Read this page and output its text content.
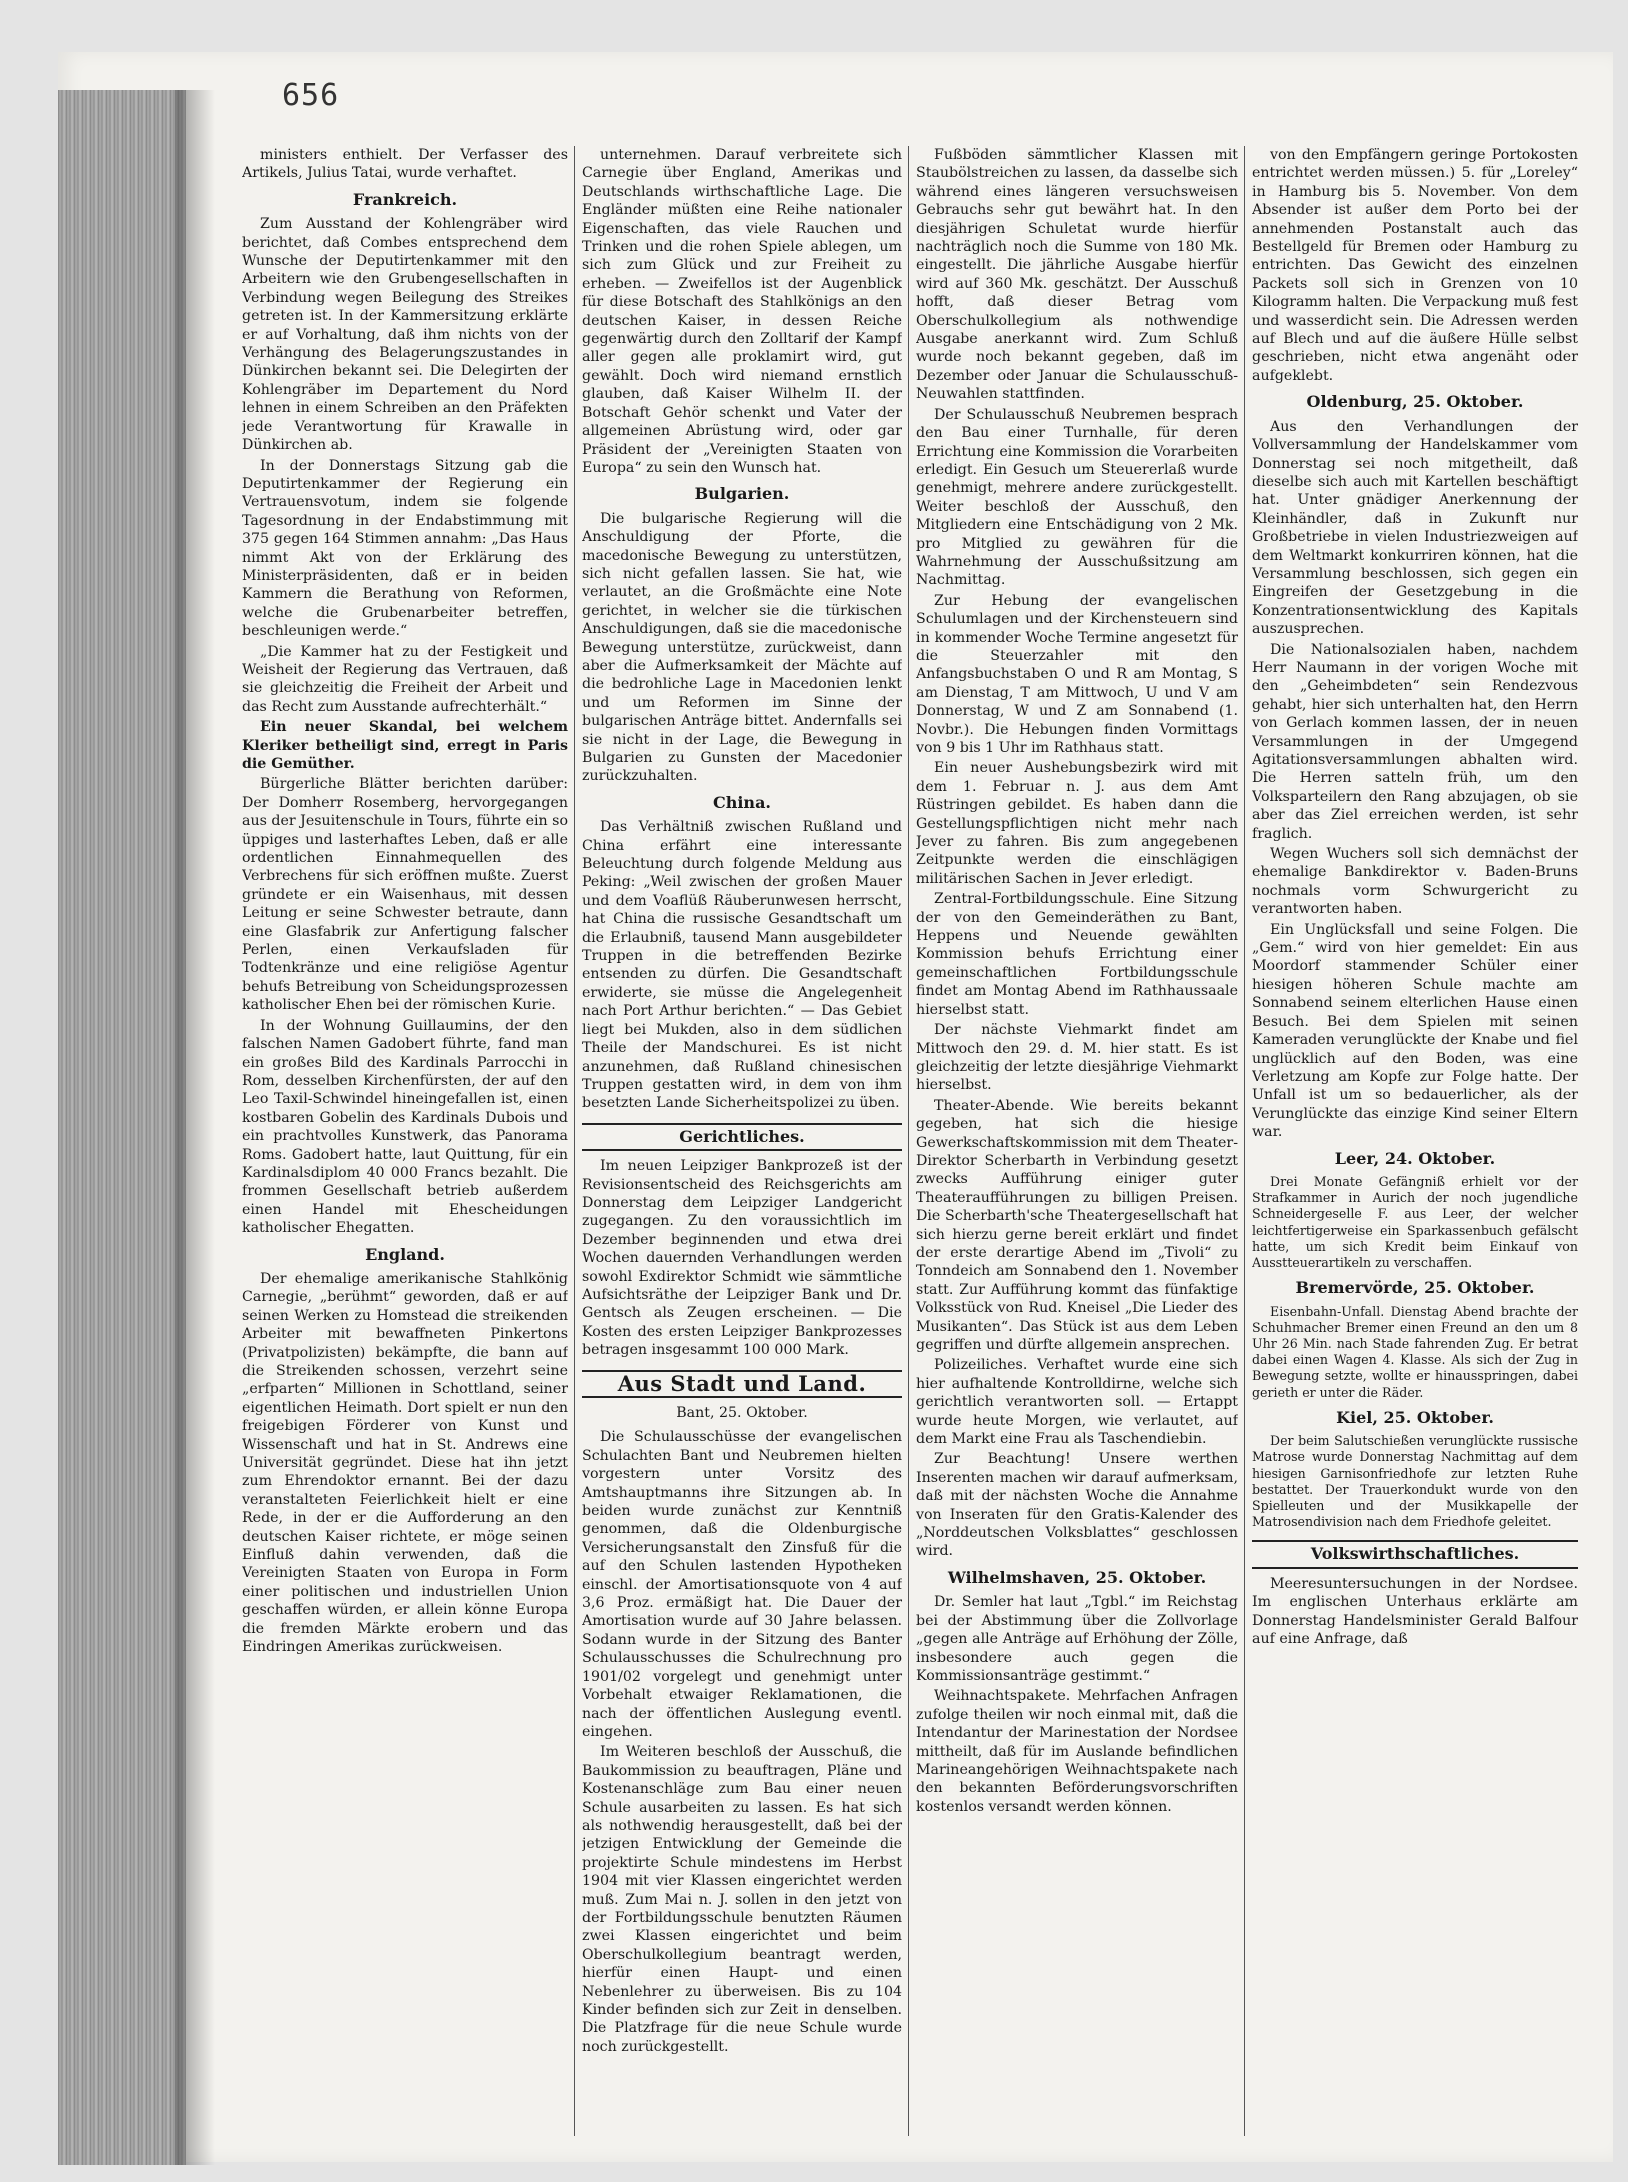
656

ministers enthielt. Der Verfasser des Artikels, Julius Tatai, wurde verhaftet.

Frankreich.

Zum Ausstand der Kohlengräber wird berichtet, daß Combes entsprechend dem Wunsche der Deputirtenkammer mit den Arbeitern wie den Grubengesellschaften in Verbindung wegen Beilegung des Streikes getreten ist. In der Kammersitzung erklärte er auf Vorhaltung, daß ihm nichts von der Verhängung des Belagerungszustandes in Dünkirchen bekannt sei. Die Delegirten der Kohlengräber im Departement du Nord lehnen in einem Schreiben an den Präfekten jede Verantwortung für Krawalle in Dünkirchen ab.

In der Donnerstags Sitzung gab die Deputirtenkammer der Regierung ein Vertrauensvotum, indem sie folgende Tagesordnung in der Endabstimmung mit 375 gegen 164 Stimmen annahm: „Das Haus nimmt Akt von der Erklärung des Ministerpräsidenten, daß er in beiden Kammern die Berathung von Reformen, welche die Grubenarbeiter betreffen, beschleunigen werde.“

„Die Kammer hat zu der Festigkeit und Weisheit der Regierung das Vertrauen, daß sie gleichzeitig die Freiheit der Arbeit und das Recht zum Ausstande aufrechterhält.“

Ein neuer Skandal, bei welchem Kleriker betheiligt sind, erregt in Paris die Gemüther.

Bürgerliche Blätter berichten darüber: Der Domherr Rosemberg, hervorgegangen aus der Jesuitenschule in Tours, führte ein so üppiges und lasterhaftes Leben, daß er alle ordentlichen Einnahmequellen des Verbrechens für sich eröffnen mußte. Zuerst gründete er ein Waisenhaus, mit dessen Leitung er seine Schwester betraute, dann eine Glasfabrik zur Anfertigung falscher Perlen, einen Verkaufsladen für Todtenkränze und eine religiöse Agentur behufs Betreibung von Scheidungsprozessen katholischer Ehen bei der römischen Kurie.

In der Wohnung Guillaumins, der den falschen Namen Gadobert führte, fand man ein großes Bild des Kardinals Parrocchi in Rom, desselben Kirchenfürsten, der auf den Leo Taxil-Schwindel hineingefallen ist, einen kostbaren Gobelin des Kardinals Dubois und ein prachtvolles Kunstwerk, das Panorama Roms. Gadobert hatte, laut Quittung, für ein Kardinalsdiplom 40 000 Francs bezahlt. Die frommen Gesellschaft betrieb außerdem einen Handel mit Ehescheidungen katholischer Ehegatten.

England.

Der ehemalige amerikanische Stahlkönig Carnegie, „berühmt“ geworden, daß er auf seinen Werken zu Homstead die streikenden Arbeiter mit bewaffneten Pinkertons (Privatpolizisten) bekämpfte, die bann auf die Streikenden schossen, verzehrt seine „erfparten“ Millionen in Schottland, seiner eigentlichen Heimath. Dort spielt er nun den freigebigen Förderer von Kunst und Wissenschaft und hat in St. Andrews eine Universität gegründet. Diese hat ihn jetzt zum Ehrendoktor ernannt. Bei der dazu veranstalteten Feierlichkeit hielt er eine Rede, in der er die Aufforderung an den deutschen Kaiser richtete, er möge seinen Einfluß dahin verwenden, daß die Vereinigten Staaten von Europa in Form einer politischen und industriellen Union geschaffen würden, er allein könne Europa die fremden Märkte erobern und das Eindringen Amerikas zurückweisen.

unternehmen. Darauf verbreitete sich Carnegie über England, Amerikas und Deutschlands wirthschaftliche Lage. Die Engländer müßten eine Reihe nationaler Eigenschaften, das viele Rauchen und Trinken und die rohen Spiele ablegen, um sich zum Glück und zur Freiheit zu erheben. — Zweifellos ist der Augenblick für diese Botschaft des Stahlkönigs an den deutschen Kaiser, in dessen Reiche gegenwärtig durch den Zolltarif der Kampf aller gegen alle proklamirt wird, gut gewählt. Doch wird niemand ernstlich glauben, daß Kaiser Wilhelm II. der Botschaft Gehör schenkt und Vater der allgemeinen Abrüstung wird, oder gar Präsident der „Vereinigten Staaten von Europa“ zu sein den Wunsch hat.

Bulgarien.

Die bulgarische Regierung will die Anschuldigung der Pforte, die macedonische Bewegung zu unterstützen, sich nicht gefallen lassen. Sie hat, wie verlautet, an die Großmächte eine Note gerichtet, in welcher sie die türkischen Anschuldigungen, daß sie die macedonische Bewegung unterstütze, zurückweist, dann aber die Aufmerksamkeit der Mächte auf die bedrohliche Lage in Macedonien lenkt und um Reformen im Sinne der bulgarischen Anträge bittet. Andernfalls sei sie nicht in der Lage, die Bewegung in Bulgarien zu Gunsten der Macedonier zurückzuhalten.

China.

Das Verhältniß zwischen Rußland und China erfährt eine interessante Beleuchtung durch folgende Meldung aus Peking: „Weil zwischen der großen Mauer und dem Voaflüß Räuberunwesen herrscht, hat China die russische Gesandtschaft um die Erlaubniß, tausend Mann ausgebildeter Truppen in die betreffenden Bezirke entsenden zu dürfen. Die Gesandtschaft erwiderte, sie müsse die Angelegenheit nach Port Arthur berichten.“ — Das Gebiet liegt bei Mukden, also in dem südlichen Theile der Mandschurei. Es ist nicht anzunehmen, daß Rußland chinesischen Truppen gestatten wird, in dem von ihm besetzten Lande Sicherheitspolizei zu üben.

Gerichtliches.

Im neuen Leipziger Bankprozeß ist der Revisionsentscheid des Reichsgerichts am Donnerstag dem Leipziger Landgericht zugegangen. Zu den voraussichtlich im Dezember beginnenden und etwa drei Wochen dauernden Verhandlungen werden sowohl Exdirektor Schmidt wie sämmtliche Aufsichtsräthe der Leipziger Bank und Dr. Gentsch als Zeugen erscheinen. — Die Kosten des ersten Leipziger Bankprozesses betragen insgesammt 100 000 Mark.

Aus Stadt und Land.
Bant, 25. Oktober.

Die Schulausschüsse der evangelischen Schulachten Bant und Neubremen hielten vorgestern unter Vorsitz des Amtshauptmanns ihre Sitzungen ab. In beiden wurde zunächst zur Kenntniß genommen, daß die Oldenburgische Versicherungsanstalt den Zinsfuß für die auf den Schulen lastenden Hypotheken einschl. der Amortisationsquote von 4 auf 3,6 Proz. ermäßigt hat. Die Dauer der Amortisation wurde auf 30 Jahre belassen. Sodann wurde in der Sitzung des Banter Schulausschusses die Schulrechnung pro 1901/02 vorgelegt und genehmigt unter Vorbehalt etwaiger Reklamationen, die nach der öffentlichen Auslegung eventl. eingehen.

Im Weiteren beschloß der Ausschuß, die Baukommission zu beauftragen, Pläne und Kostenanschläge zum Bau einer neuen Schule ausarbeiten zu lassen. Es hat sich als nothwendig herausgestellt, daß bei der jetzigen Entwicklung der Gemeinde die projektirte Schule mindestens im Herbst 1904 mit vier Klassen eingerichtet werden muß. Zum Mai n. J. sollen in den jetzt von der Fortbildungsschule benutzten Räumen zwei Klassen eingerichtet und beim Oberschulkollegium beantragt werden, hierfür einen Haupt- und einen Nebenlehrer zu überweisen. Bis zu 104 Kinder befinden sich zur Zeit in denselben. Die Platzfrage für die neue Schule wurde noch zurückgestellt.

Fußböden sämmtlicher Klassen mit Staubölstreichen zu lassen, da dasselbe sich während eines längeren versuchsweisen Gebrauchs sehr gut bewährt hat. In den diesjährigen Schuletat wurde hierfür nachträglich noch die Summe von 180 Mk. eingestellt. Die jährliche Ausgabe hierfür wird auf 360 Mk. geschätzt. Der Ausschuß hofft, daß dieser Betrag vom Oberschulkollegium als nothwendige Ausgabe anerkannt wird. Zum Schluß wurde noch bekannt gegeben, daß im Dezember oder Januar die Schulausschuß-Neuwahlen stattfinden.

Der Schulausschuß Neubremen besprach den Bau einer Turnhalle, für deren Errichtung eine Kommission die Vorarbeiten erledigt. Ein Gesuch um Steuererlaß wurde genehmigt, mehrere andere zurückgestellt. Weiter beschloß der Ausschuß, den Mitgliedern eine Entschädigung von 2 Mk. pro Mitglied zu gewähren für die Wahrnehmung der Ausschußsitzung am Nachmittag.

Zur Hebung der evangelischen Schulumlagen und der Kirchensteuern sind in kommender Woche Termine angesetzt für die Steuerzahler mit den Anfangsbuchstaben O und R am Montag, S am Dienstag, T am Mittwoch, U und V am Donnerstag, W und Z am Sonnabend (1. Novbr.). Die Hebungen finden Vormittags von 9 bis 1 Uhr im Rathhaus statt.

Ein neuer Aushebungsbezirk wird mit dem 1. Februar n. J. aus dem Amt Rüstringen gebildet. Es haben dann die Gestellungspflichtigen nicht mehr nach Jever zu fahren. Bis zum angegebenen Zeitpunkte werden die einschlägigen militärischen Sachen in Jever erledigt.

Zentral-Fortbildungsschule. Eine Sitzung der von den Gemeinderäthen zu Bant, Heppens und Neuende gewählten Kommission behufs Errichtung einer gemeinschaftlichen Fortbildungsschule findet am Montag Abend im Rathhaussaale hierselbst statt.

Der nächste Viehmarkt findet am Mittwoch den 29. d. M. hier statt. Es ist gleichzeitig der letzte diesjährige Viehmarkt hierselbst.

Theater-Abende. Wie bereits bekannt gegeben, hat sich die hiesige Gewerkschaftskommission mit dem Theater-Direktor Scherbarth in Verbindung gesetzt zwecks Aufführung einiger guter Theateraufführungen zu billigen Preisen. Die Scherbarth'sche Theatergesellschaft hat sich hierzu gerne bereit erklärt und findet der erste derartige Abend im „Tivoli“ zu Tonndeich am Sonnabend den 1. November statt. Zur Aufführung kommt das fünfaktige Volksstück von Rud. Kneisel „Die Lieder des Musikanten“. Das Stück ist aus dem Leben gegriffen und dürfte allgemein ansprechen.

Polizeiliches. Verhaftet wurde eine sich hier aufhaltende Kontrolldirne, welche sich gerichtlich verantworten soll. — Ertappt wurde heute Morgen, wie verlautet, auf dem Markt eine Frau als Taschendiebin.

Zur Beachtung! Unsere werthen Inserenten machen wir darauf aufmerksam, daß mit der nächsten Woche die Annahme von Inseraten für den Gratis-Kalender des „Norddeutschen Volksblattes“ geschlossen wird.

Wilhelmshaven, 25. Oktober.

Dr. Semler hat laut „Tgbl.“ im Reichstag bei der Abstimmung über die Zollvorlage „gegen alle Anträge auf Erhöhung der Zölle, insbesondere auch gegen die Kommissionsanträge gestimmt.“

Weihnachtspakete. Mehrfachen Anfragen zufolge theilen wir noch einmal mit, daß die Intendantur der Marinestation der Nordsee mittheilt, daß für im Auslande befindlichen Marineangehörigen Weihnachtspakete nach den bekannten Beförderungsvorschriften kostenlos versandt werden können.

von den Empfängern geringe Portokosten entrichtet werden müssen.) 5. für „Loreley“ in Hamburg bis 5. November. Von dem Absender ist außer dem Porto bei der annehmenden Postanstalt auch das Bestellgeld für Bremen oder Hamburg zu entrichten. Das Gewicht des einzelnen Packets soll sich in Grenzen von 10 Kilogramm halten. Die Verpackung muß fest und wasserdicht sein. Die Adressen werden auf Blech und auf die äußere Hülle selbst geschrieben, nicht etwa angenäht oder aufgeklebt.

Oldenburg, 25. Oktober.

Aus den Verhandlungen der Vollversammlung der Handelskammer vom Donnerstag sei noch mitgetheilt, daß dieselbe sich auch mit Kartellen beschäftigt hat. Unter gnädiger Anerkennung der Kleinhändler, daß in Zukunft nur Großbetriebe in vielen Industriezweigen auf dem Weltmarkt konkurriren können, hat die Versammlung beschlossen, sich gegen ein Eingreifen der Gesetzgebung in die Konzentrationsentwicklung des Kapitals auszusprechen.

Die Nationalsozialen haben, nachdem Herr Naumann in der vorigen Woche mit den „Geheimbdeten“ sein Rendezvous gehabt, hier sich unterhalten hat, den Herrn von Gerlach kommen lassen, der in neuen Versammlungen in der Umgegend Agitationsversammlungen abhalten wird. Die Herren satteln früh, um den Volksparteilern den Rang abzujagen, ob sie aber das Ziel erreichen werden, ist sehr fraglich.

Wegen Wuchers soll sich demnächst der ehemalige Bankdirektor v. Baden-Bruns nochmals vorm Schwurgericht zu verantworten haben.

Ein Unglücksfall und seine Folgen. Die „Gem.“ wird von hier gemeldet: Ein aus Moordorf stammender Schüler einer hiesigen höheren Schule machte am Sonnabend seinem elterlichen Hause einen Besuch. Bei dem Spielen mit seinen Kameraden verunglückte der Knabe und fiel unglücklich auf den Boden, was eine Verletzung am Kopfe zur Folge hatte. Der Unfall ist um so bedauerlicher, als der Verunglückte das einzige Kind seiner Eltern war.

Leer, 24. Oktober.

Drei Monate Gefängniß erhielt vor der Strafkammer in Aurich der noch jugendliche Schneidergeselle F. aus Leer, der welcher leichtfertigerweise ein Sparkassenbuch gefälscht hatte, um sich Kredit beim Einkauf von Ausstteuerartikeln zu verschaffen.

Bremervörde, 25. Oktober.

Eisenbahn-Unfall. Dienstag Abend brachte der Schuhmacher Bremer einen Freund an den um 8 Uhr 26 Min. nach Stade fahrenden Zug. Er betrat dabei einen Wagen 4. Klasse. Als sich der Zug in Bewegung setzte, wollte er hinausspringen, dabei gerieth er unter die Räder.

Kiel, 25. Oktober.

Der beim Salutschießen verunglückte russische Matrose wurde Donnerstag Nachmittag auf dem hiesigen Garnisonfriedhofe zur letzten Ruhe bestattet. Der Trauerkondukt wurde von den Spielleuten und der Musikkapelle der Matrosendivision nach dem Friedhofe geleitet.

Volkswirthschaftliches.

Meeresuntersuchungen in der Nordsee. Im englischen Unterhaus erklärte am Donnerstag Handelsminister Gerald Balfour auf eine Anfrage, daß
